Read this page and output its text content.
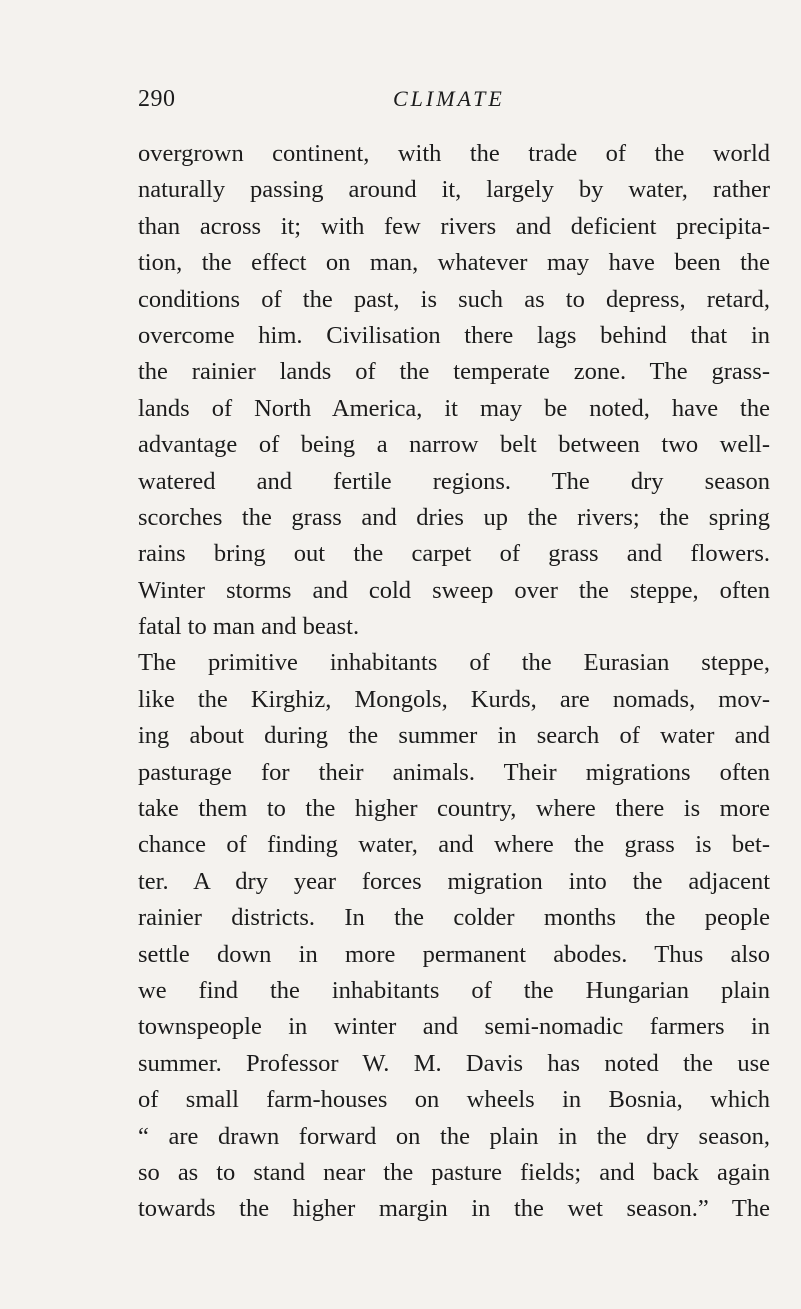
290	CLIMATE
overgrown continent, with the trade of the world
naturally passing around it, largely by water, rather
than across it; with few rivers and deficient precipita-
tion, the effect on man, whatever may have been the
conditions of the past, is such as to depress, retard,
overcome him. Civilisation there lags behind that in
the rainier lands of the temperate zone. The grass-
lands of North America, it may be noted, have the
advantage of being a narrow belt between two well-
watered and fertile regions. The dry season
scorches the grass and dries up the rivers; the spring
rains bring out the carpet of grass and flowers.
Winter storms and cold sweep over the steppe, often
fatal to man and beast.
The primitive inhabitants of the Eurasian steppe,
like the Kirghiz, Mongols, Kurds, are nomads, mov-
ing about during the summer in search of water and
pasturage for their animals. Their migrations often
take them to the higher country, where there is more
chance of finding water, and where the grass is bet-
ter. A dry year forces migration into the adjacent
rainier districts. In the colder months the people
settle down in more permanent abodes. Thus also
we find the inhabitants of the Hungarian plain
townspeople in winter and semi-nomadic farmers in
summer. Professor W. M. Davis has noted the use
of small farm-houses on wheels in Bosnia, which
“ are drawn forward on the plain in the dry season,
so as to stand near the pasture fields; and back again
towards the higher margin in the wet season.” The
